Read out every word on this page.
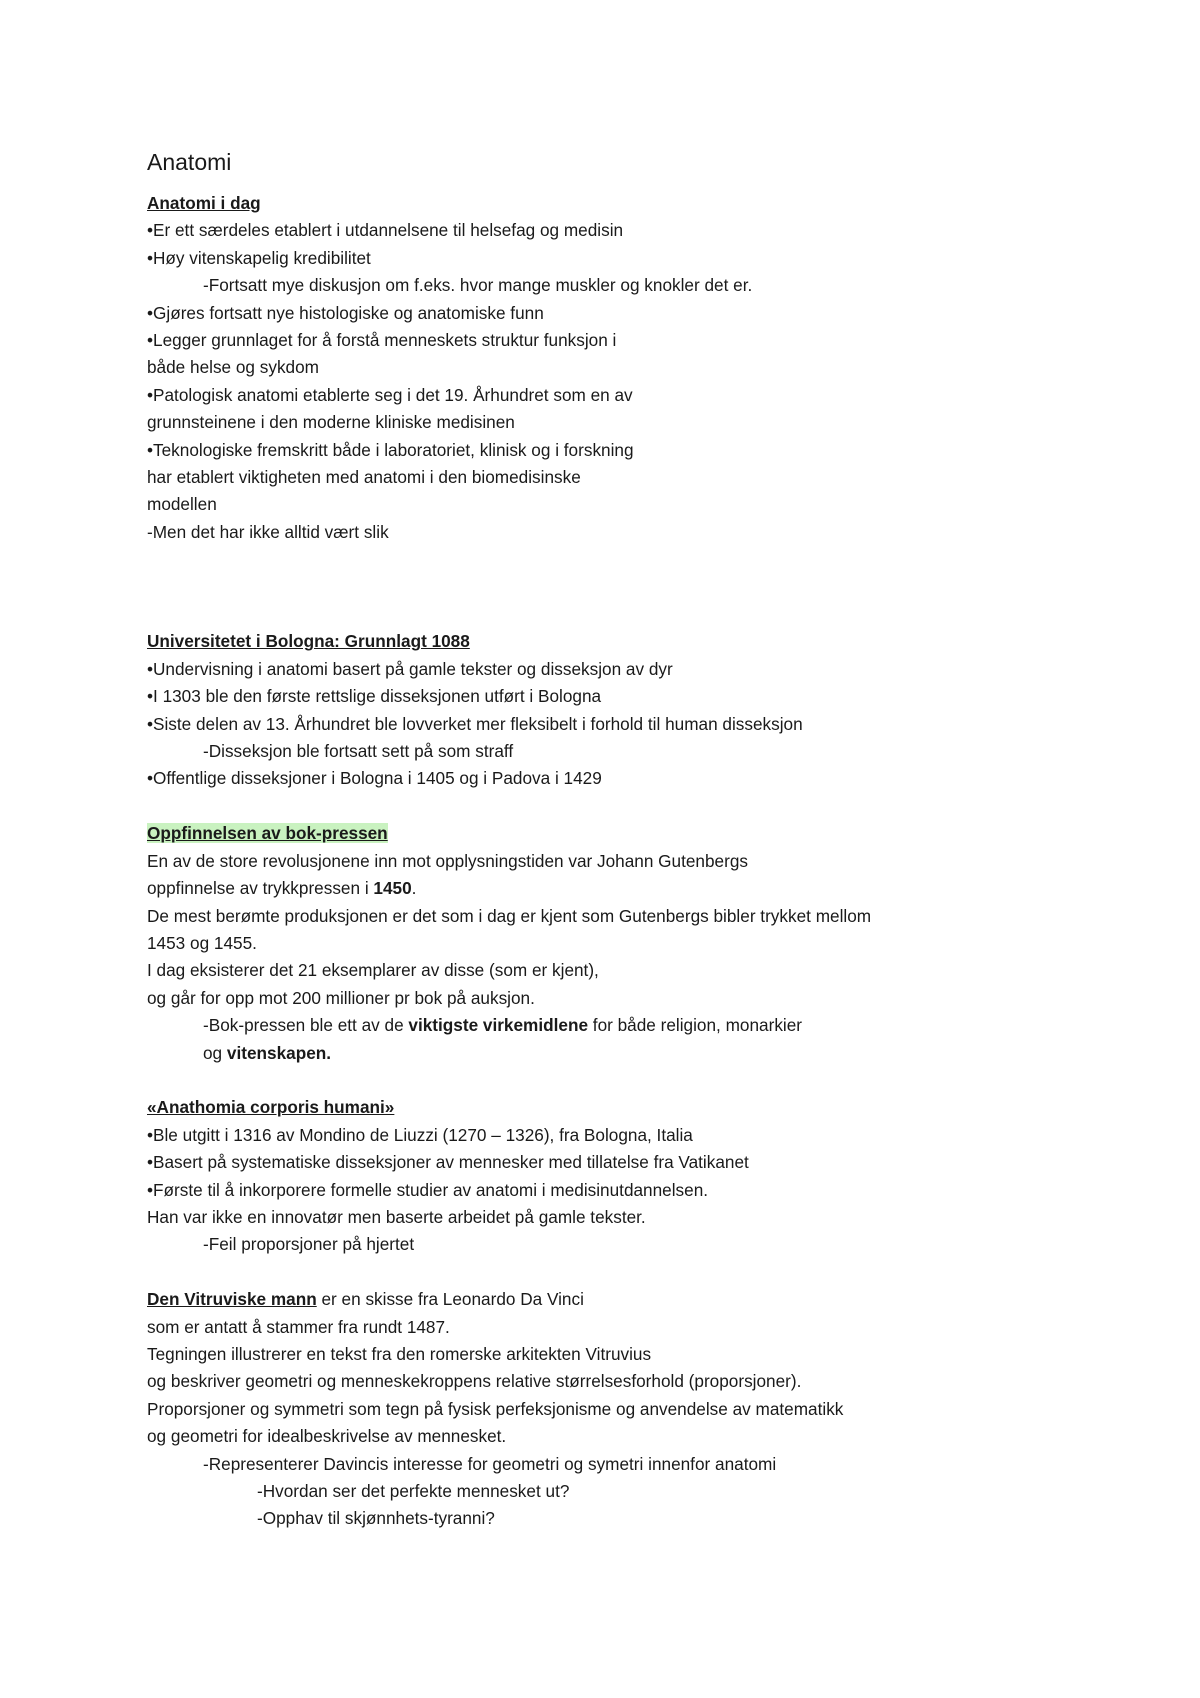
Anatomi
Anatomi i dag
•Er ett særdeles etablert i utdannelsene til helsefag og medisin
•Høy vitenskapelig kredibilitet
-Fortsatt mye diskusjon om f.eks. hvor mange muskler og knokler det er.
•Gjøres fortsatt nye histologiske og anatomiske funn
•Legger grunnlaget for å forstå menneskets struktur funksjon i
både helse og sykdom
•Patologisk anatomi etablerte seg i det 19. Århundret som en av
grunnsteinene i den moderne kliniske medisinen
•Teknologiske fremskritt både i laboratoriet, klinisk og i forskning
har etablert viktigheten med anatomi i den biomedisinske
modellen
-Men det har ikke alltid vært slik
Universitetet i Bologna: Grunnlagt 1088
•Undervisning i anatomi basert på gamle tekster og disseksjon av dyr
•I 1303 ble den første rettslige disseksjonen utført i Bologna
•Siste delen av 13. Århundret ble lovverket mer fleksibelt i forhold til human disseksjon
-Disseksjon ble fortsatt sett på som straff
•Offentlige disseksjoner i Bologna i 1405 og i Padova i 1429
Oppfinnelsen av bok-pressen
En av de store revolusjonene inn mot opplysningstiden var Johann Gutenbergs
oppfinnelse av trykkpressen i 1450.
De mest berømte produksjonen er det som i dag er kjent som Gutenbergs bibler trykket mellom
1453 og 1455.
I dag eksisterer det 21 eksemplarer av disse (som er kjent),
og går for opp mot 200 millioner pr bok på auksjon.
-Bok-pressen ble ett av de viktigste virkemidlene for både religion, monarkier
og vitenskapen.
«Anathomia corporis humani»
•Ble utgitt i 1316 av Mondino de Liuzzi (1270 – 1326), fra Bologna, Italia
•Basert på systematiske disseksjoner av mennesker med tillatelse fra Vatikanet
•Første til å inkorporere formelle studier av anatomi i medisinutdannelsen.
Han var ikke en innovatør men baserte arbeidet på gamle tekster.
-Feil proporsjoner på hjertet
Den Vitruviske mann er en skisse fra Leonardo Da Vinci
som er antatt å stammer fra rundt 1487.
Tegningen illustrerer en tekst fra den romerske arkitekten Vitruvius
og beskriver geometri og menneskekroppens relative størrelsesforhold (proporsjoner).
Proporsjoner og symmetri som tegn på fysisk perfeksjonisme og anvendelse av matematikk
og geometri for idealbeskrivelse av mennesket.
-Representerer Davincis interesse for geometri og symetri innenfor anatomi
-Hvordan ser det perfekte mennesket ut?
-Opphav til skjønnhets-tyranni?
